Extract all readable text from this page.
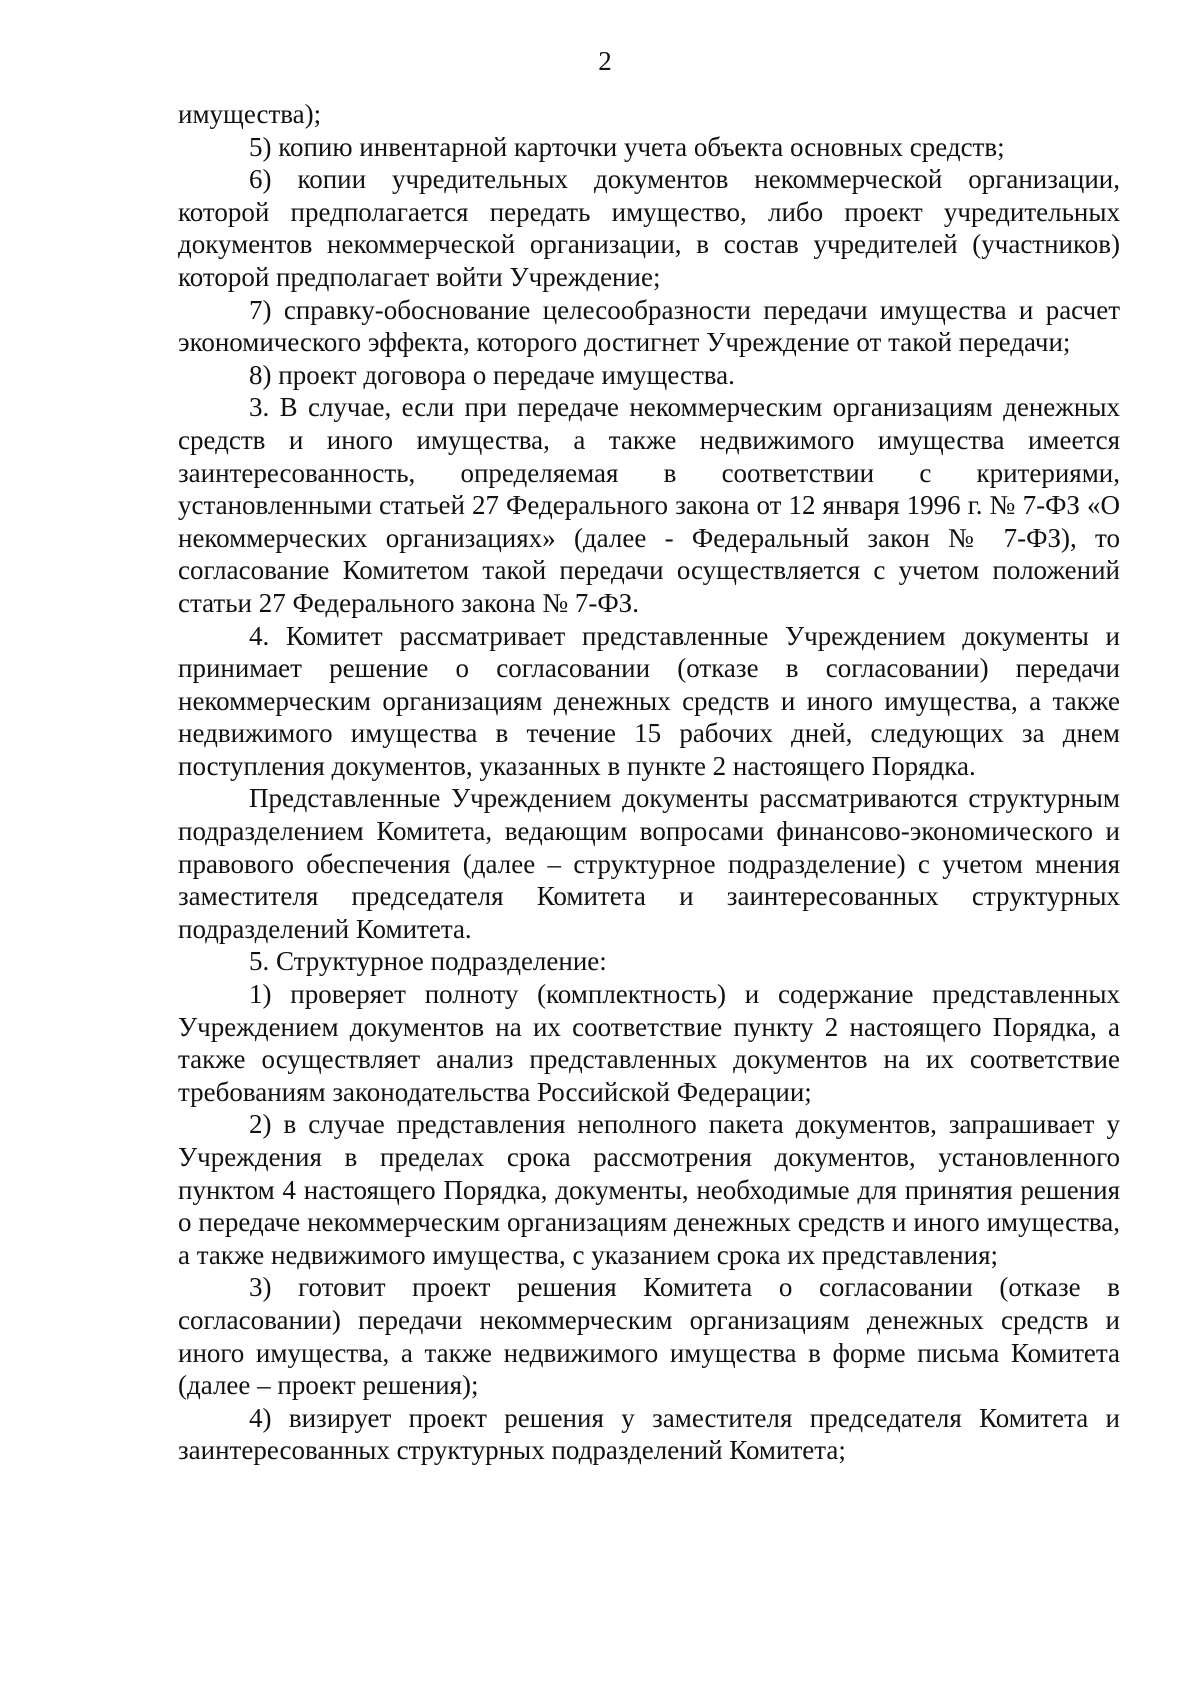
2

имущества);

5) копию инвентарной карточки учета объекта основных средств;

6) копии учредительных документов некоммерческой организации, которой предполагается передать имущество, либо проект учредительных документов некоммерческой организации, в состав учредителей (участников) которой предполагает войти Учреждение;

7) справку-обоснование целесообразности передачи имущества и расчет экономического эффекта, которого достигнет Учреждение от такой передачи;

8) проект договора о передаче имущества.

3. В случае, если при передаче некоммерческим организациям денежных средств и иного имущества, а также недвижимого имущества имеется заинтересованность, определяемая в соответствии с критериями, установленными статьей 27 Федерального закона от 12 января 1996 г. № 7-ФЗ «О некоммерческих организациях» (далее - Федеральный закон № 7-ФЗ), то согласование Комитетом такой передачи осуществляется с учетом положений статьи 27 Федерального закона № 7-ФЗ.

4. Комитет рассматривает представленные Учреждением документы и принимает решение о согласовании (отказе в согласовании) передачи некоммерческим организациям денежных средств и иного имущества, а также недвижимого имущества в течение 15 рабочих дней, следующих за днем поступления документов, указанных в пункте 2 настоящего Порядка.

Представленные Учреждением документы рассматриваются структурным подразделением Комитета, ведающим вопросами финансово-экономического и правового обеспечения (далее – структурное подразделение) с учетом мнения заместителя председателя Комитета и заинтересованных структурных подразделений Комитета.

5. Структурное подразделение:

1) проверяет полноту (комплектность) и содержание представленных Учреждением документов на их соответствие пункту 2 настоящего Порядка, а также осуществляет анализ представленных документов на их соответствие требованиям законодательства Российской Федерации;

2) в случае представления неполного пакета документов, запрашивает у Учреждения в пределах срока рассмотрения документов, установленного пунктом 4 настоящего Порядка, документы, необходимые для принятия решения о передаче некоммерческим организациям денежных средств и иного имущества, а также недвижимого имущества, с указанием срока их представления;

3) готовит проект решения Комитета о согласовании (отказе в согласовании) передачи некоммерческим организациям денежных средств и иного имущества, а также недвижимого имущества в форме письма Комитета (далее – проект решения);

4) визирует проект решения у заместителя председателя Комитета и заинтересованных структурных подразделений Комитета;
